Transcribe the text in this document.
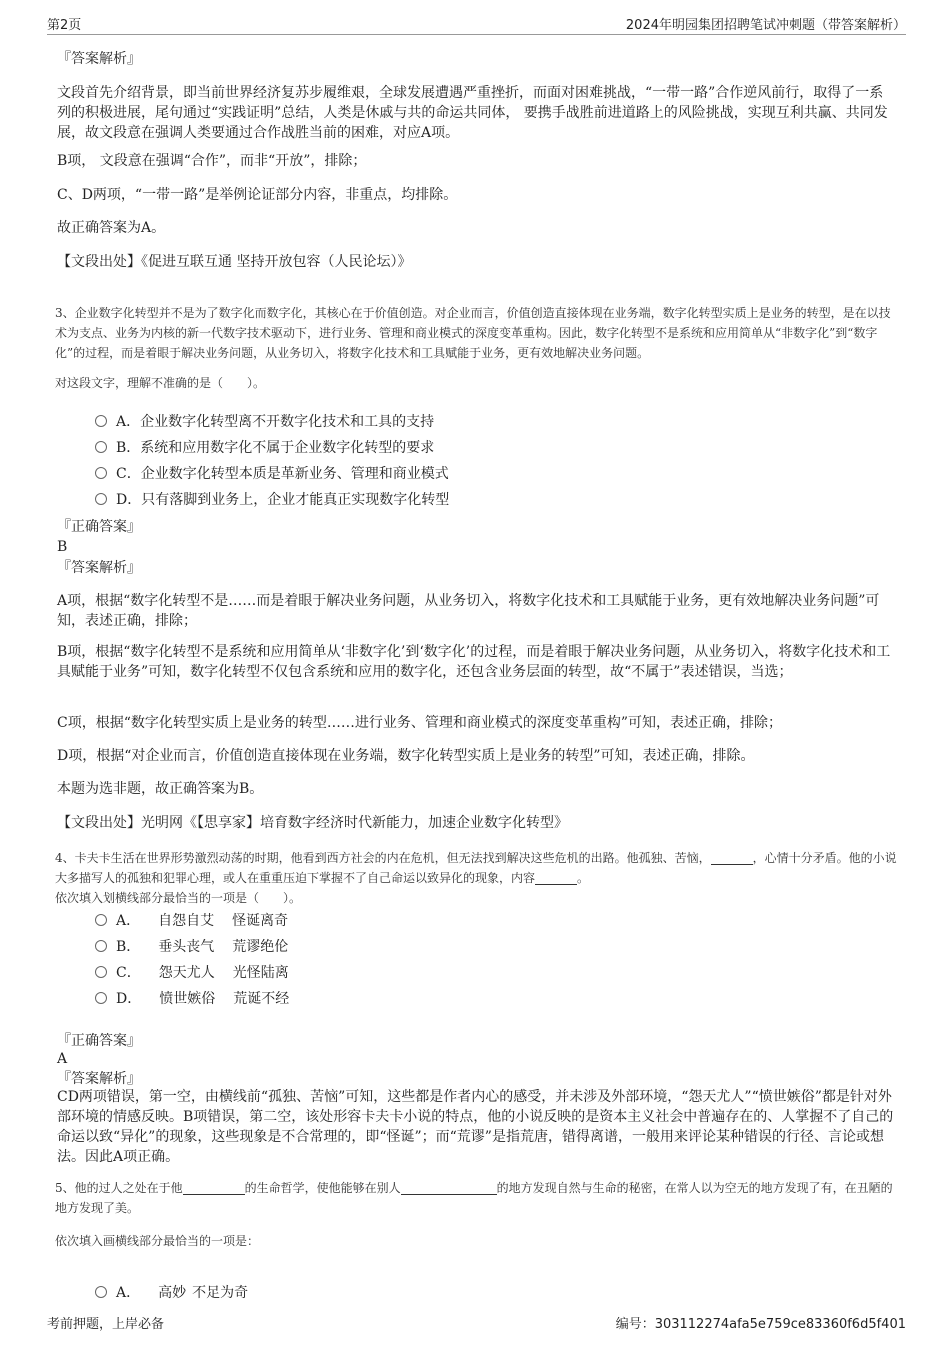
第2页	2024年明园集团招聘笔试冲刺题（带答案解析）

『答案解析』

文段首先介绍背景，即当前世界经济复苏步履维艰，全球发展遭遇严重挫折，而面对困难挑战，“一带一路”合作逆风前行，取得了一系列的积极进展，尾句通过“实践证明”总结，人类是休戚与共的命运共同体， 要携手战胜前进道路上的风险挑战，实现互利共赢、共同发展，故文段意在强调人类要通过合作战胜当前的困难，对应A项。

B项， 文段意在强调“合作”，而非“开放”，排除；

C、D两项，“一带一路”是举例论证部分内容，非重点，均排除。

故正确答案为A。

【文段出处】《促进互联互通 坚持开放包容（人民论坛）》

3、企业数字化转型并不是为了数字化而数字化，其核心在于价值创造。对企业而言，价值创造直接体现在业务端，数字化转型实质上是业务的转型，是在以技术为支点、业务为内核的新一代数字技术驱动下，进行业务、管理和商业模式的深度变革重构。因此，数字化转型不是系统和应用简单从“非数字化”到“数字化”的过程，而是着眼于解决业务问题，从业务切入，将数字化技术和工具赋能于业务，更有效地解决业务问题。

对这段文字，理解不准确的是（　　）。

A．企业数字化转型离不开数字化技术和工具的支持
B．系统和应用数字化不属于企业数字化转型的要求
C．企业数字化转型本质是革新业务、管理和商业模式
D．只有落脚到业务上，企业才能真正实现数字化转型

『正确答案』

B

『答案解析』

A项，根据“数字化转型不是……而是着眼于解决业务问题，从业务切入，将数字化技术和工具赋能于业务，更有效地解决业务问题”可知，表述正确，排除；

B项，根据“数字化转型不是系统和应用简单从‘非数字化’到‘数字化’的过程，而是着眼于解决业务问题，从业务切入，将数字化技术和工具赋能于业务”可知，数字化转型不仅包含系统和应用的数字化，还包含业务层面的转型，故“不属于”表述错误，当选；

C项，根据“数字化转型实质上是业务的转型……进行业务、管理和商业模式的深度变革重构”可知，表述正确，排除；

D项，根据“对企业而言，价值创造直接体现在业务端，数字化转型实质上是业务的转型”可知，表述正确，排除。

本题为选非题，故正确答案为B。

【文段出处】光明网《【思享家】培育数字经济时代新能力，加速企业数字化转型》

4、卡夫卡生活在世界形势激烈动荡的时期，他看到西方社会的内在危机，但无法找到解决这些危机的出路。他孤独、苦恼，	，心情十分矛盾。他的小说大多描写人的孤独和犯罪心理，或人在重重压迫下掌握不了自己命运以致异化的现象，内容	。

依次填入划横线部分最恰当的一项是（　　）。

A． 自怨自艾 怪诞离奇
B． 垂头丧气 荒谬绝伦
C． 怨天尤人 光怪陆离
D． 愤世嫉俗 荒诞不经

『正确答案』

A

『答案解析』

CD两项错误，第一空，由横线前“孤独、苦恼”可知，这些都是作者内心的感受，并未涉及外部环境，“怨天尤人”“愤世嫉俗”都是针对外部环境的情感反映。B项错误，第二空，该处形容卡夫卡小说的特点，他的小说反映的是资本主义社会中普遍存在的、人掌握不了自己的命运以致“异化”的现象，这些现象是不合常理的，即“怪诞”；而“荒谬”是指荒唐，错得离谱，一般用来评论某种错误的行径、言论或想法。因此A项正确。

5、他的过人之处在于他	的生命哲学，使他能够在别人	的地方发现自然与生命的秘密，在常人以为空无的地方发现了有，在丑陋的地方发现了美。

依次填入画横线部分最恰当的一项是：

A． 高妙 不足为奇
考前押题，上岸必备	编号：303112274afa5e759ce83360f6d5f401
